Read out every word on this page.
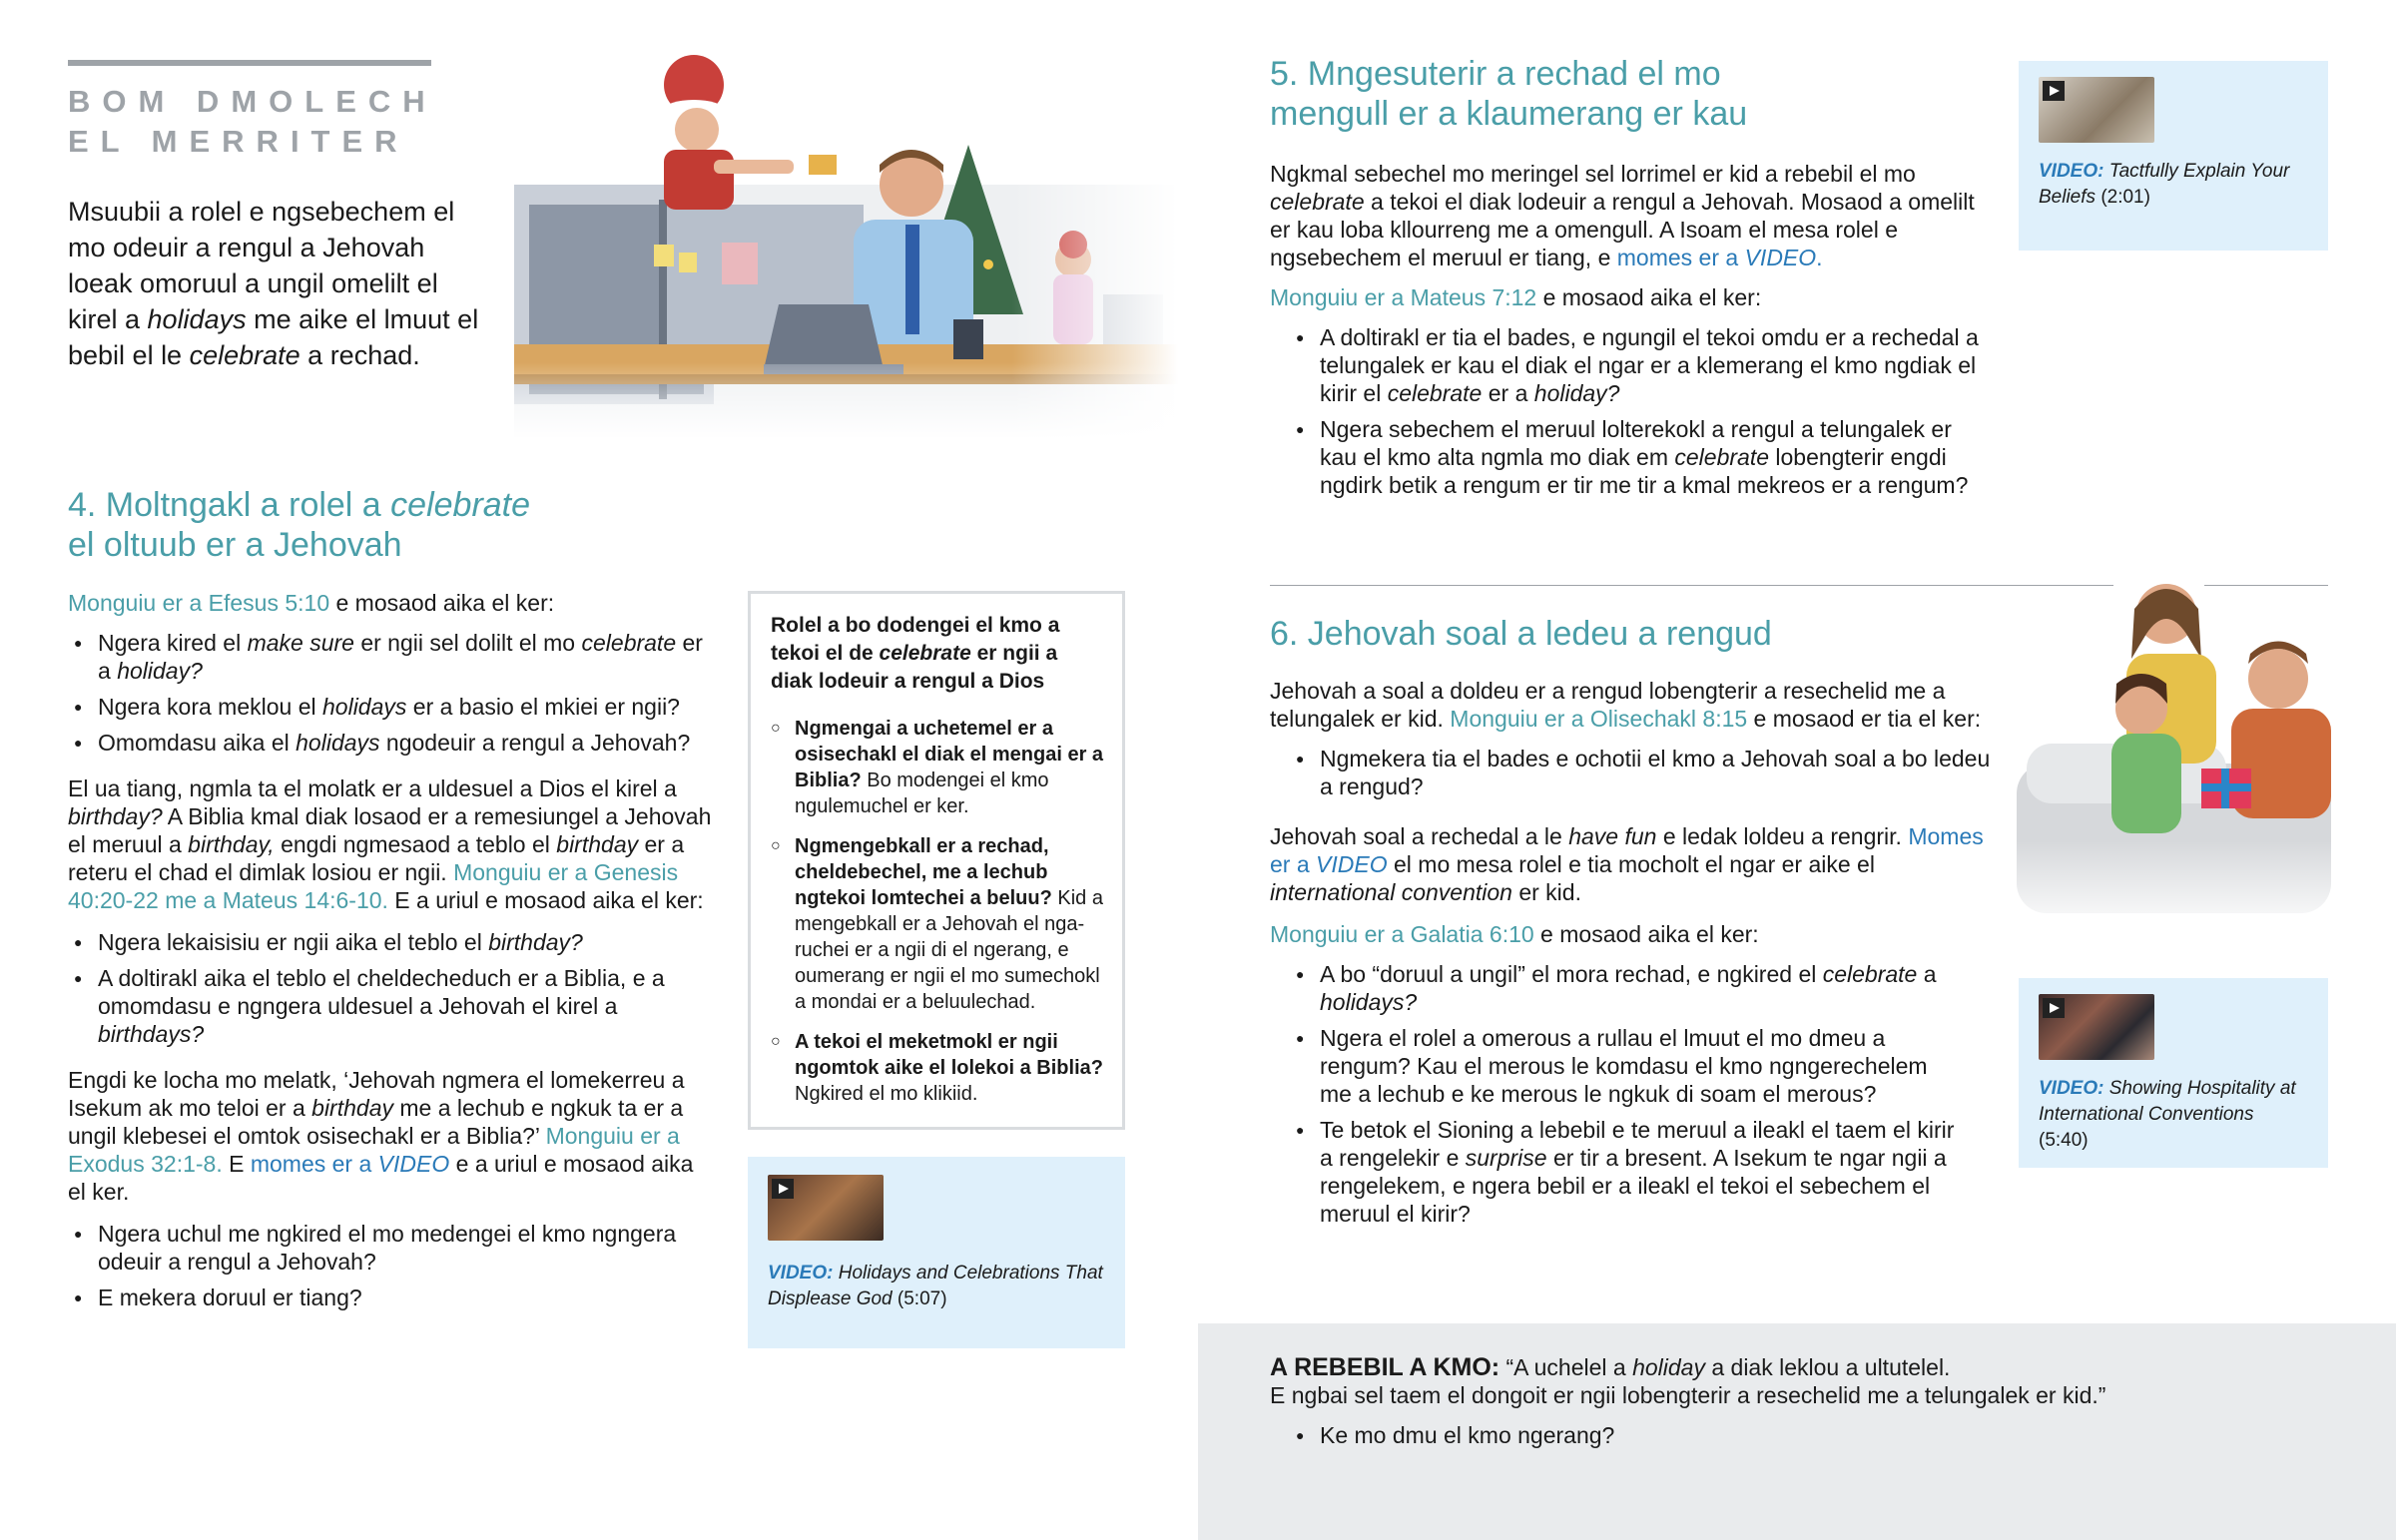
BOM DMOLECH
EL MERRITER
Msuubii a rolel e ngsebechem el mo odeuir a rengul a Jehovah loeak omoruul a ungil omelilt el kirel a holidays me aike el lmuut el bebil el le celebrate a rechad.
4. Moltngakl a rolel a celebrate
el oltuub er a Jehovah
Monguiu er a Efesus 5:10 e mosaod aika el ker:
● Ngera kired el make sure er ngii sel dolilt el mo celebrate er a holiday?
● Ngera kora meklou el holidays er a basio el mkiei er ngii?
● Omomdasu aika el holidays ngodeuir a rengul a Jehovah?

El ua tiang, ngmla ta el molatk er a uldesuel a Dios el kirel a birthday? A Biblia kmal diak losaod er a remesiungel a Jehovah el meruul a birthday, engdi ngmesaod a teblo el birthday er a reteru el chad el dimlak losiou er ngii. Monguiu er a Genesis 40:20-22 me a Mateus 14:6-10. E a uriul e mosaod aika el ker:

● Ngera lekaisisiu er ngii aika el teblo el birthday?
● A doltirakl aika el teblo el cheldecheduch er a Biblia, e a omomdasu e ngngera uldesuel a Jehovah el kirel a birthdays?

Engdi ke locha mo melatk, ‘Jehovah ngmera el lomekerreu a Isekum ak mo teloi er a birthday me a lechub e ngkuk ta er a ungil klebesei el omtok osisechakl er a Biblia?’ Monguiu er a Exodus 32:1-8. E momes er a VIDEO e a uriul e mosaod aika el ker.

● Ngera uchul me ngkired el mo medengei el kmo ngngera odeuir a rengul a Jehovah?
● E mekera doruul er tiang?
Rolel a bo dodengei el kmo a tekoi el de celebrate er ngii a diak lodeuir a rengul a Dios
○ Ngmengai a uchetemel er a osisechakl el diak el mengai er a Biblia? Bo modengei el kmo ngulemuchel er ker.
○ Ngmengebkall er a rechad, cheldebechel, me a lechub ngtekoi lomtechei a beluu? Kid a mengebkall er a Jehovah el ngaruchei er a ngii di el ngerang, e oumerang er ngii el mo sumechokl a mondai er a beluulechad.
○ A tekoi el meketmokl er ngii ngomtok aike el lolekoi a Biblia? Ngkired el mo klikiid.
VIDEO: Holidays and Celebrations That Displease God (5:07)
5. Mngesuterir a rechad el mo
mengull er a klaumerang er kau

Ngkmal sebechel mo meringel sel lorrimel er kid a rebebil el mo celebrate a tekoi el diak lodeuir a rengul a Jehovah. Mosaod a omelilt er kau loba kllourreng me a omengull. A Isoam el mesa rolel e ngsebechem el meruul er tiang, e momes er a VIDEO.

Monguiu er a Mateus 7:12 e mosaod aika el ker:
● A doltirakl er tia el bades, e ngungil el tekoi omdu er a rechedal a telungalek er kau el diak el ngar er a klemerang el kmo ngdiak el kirir el celebrate er a holiday?
● Ngera sebechem el meruul lolterekokl a rengul a telungalek er kau el kmo alta ngmla mo diak em celebrate lobengterir engdi ngdirk betik a rengum er tir me tir a kmal mekreos er a rengum?
VIDEO: Tactfully Explain Your Beliefs (2:01)
6. Jehovah soal a ledeu a rengud

Jehovah a soal a doldeu er a rengud lobengterir a resechelid me a telungalek er kid. Monguiu er a Olisechakl 8:15 e mosaod er tia el ker:

● Ngmekera tia el bades e ochotii el kmo a Jehovah soal a bo ledeu a rengud?

Jehovah soal a rechedal a le have fun e ledak loldeu a rengrir. Momes er a VIDEO el mo mesa rolel e tia mocholt el ngar er aike el international convention er kid.

Monguiu er a Galatia 6:10 e mosaod aika el ker:
● A bo “doruul a ungil” el mora rechad, e ngkired el celebrate a holidays?
● Ngera el rolel a omerous a rullau el lmuut el mo dmeu a rengum? Kau el merous le komdasu el kmo ngngerechelem me a lechub e ke merous le ngkuk di soam el merous?
● Te betok el Sioning a lebebil e te meruul a ileakl el taem el kirir a rengelekir e surprise er tir a bresent. A Isekum te ngar ngii a rengelekem, e ngera bebil er a ileakl el tekoi el sebechem el meruul el kirir?
VIDEO: Showing Hospitality at International Conventions (5:40)
A REBEBIL A KMO: “A uchelel a holiday a diak leklou a ultutelel.
E ngbai sel taem el dongoit er ngii lobengterir a resechelid me a telungalek er kid.”
● Ke mo dmu el kmo ngerang?
